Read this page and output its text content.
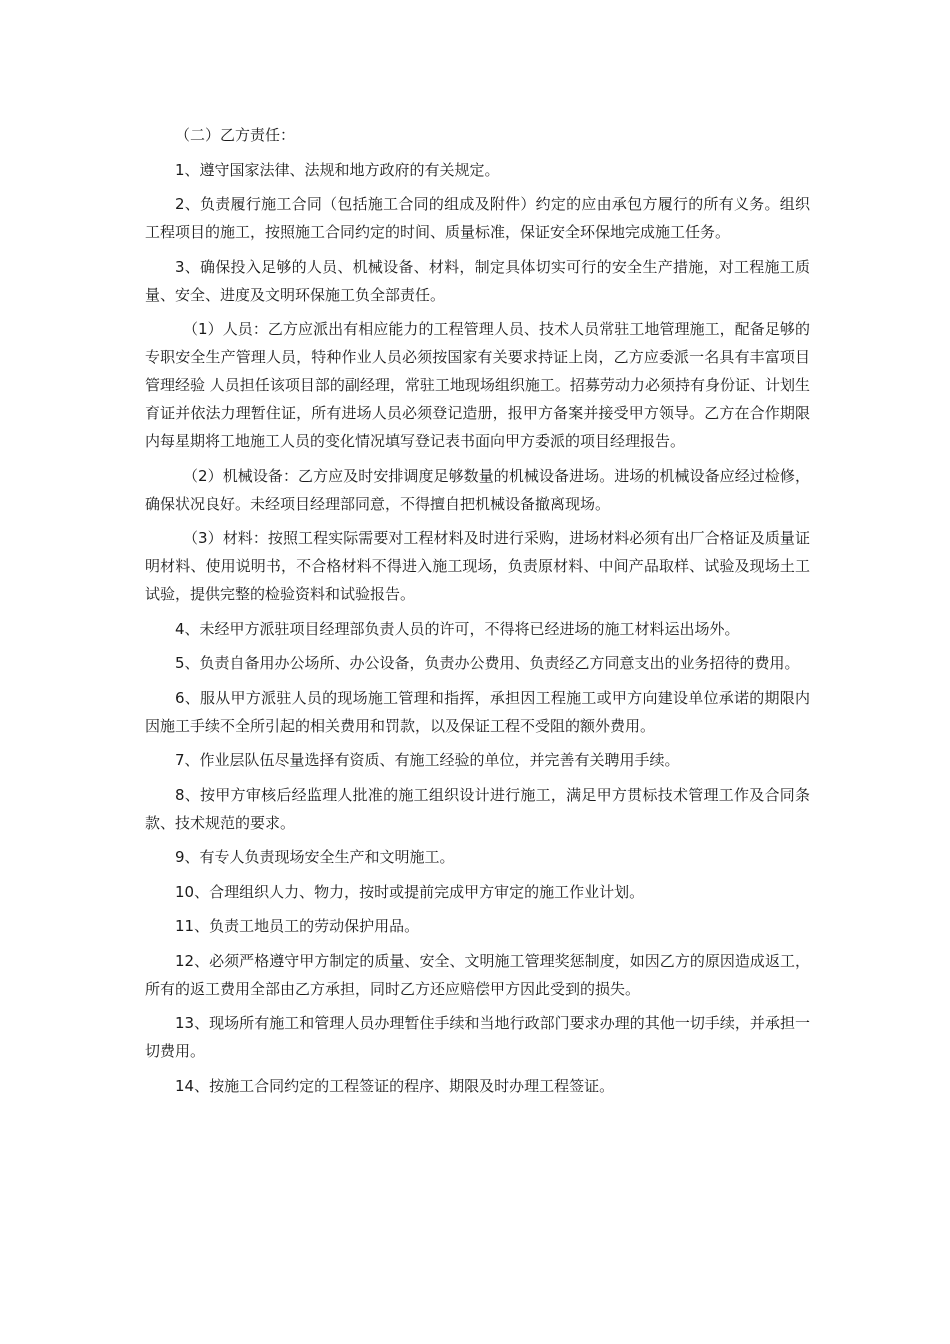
（二）乙方责任：

1、遵守国家法律、法规和地方政府的有关规定。

2、负责履行施工合同（包括施工合同的组成及附件）约定的应由承包方履行的所有义务。组织工程项目的施工，按照施工合同约定的时间、质量标准，保证安全环保地完成施工任务。

3、确保投入足够的人员、机械设备、材料，制定具体切实可行的安全生产措施，对工程施工质量、安全、进度及文明环保施工负全部责任。

（1）人员：乙方应派出有相应能力的工程管理人员、技术人员常驻工地管理施工，配备足够的专职安全生产管理人员，特种作业人员必须按国家有关要求持证上岗，乙方应委派一名具有丰富项目管理经验 人员担任该项目部的副经理，常驻工地现场组织施工。招募劳动力必须持有身份证、计划生育证并依法力理暂住证，所有进场人员必须登记造册，报甲方备案并接受甲方领导。乙方在合作期限内每星期将工地施工人员的变化情况填写登记表书面向甲方委派的项目经理报告。

（2）机械设备：乙方应及时安排调度足够数量的机械设备进场。进场的机械设备应经过检修，确保状况良好。未经项目经理部同意，不得擅自把机械设备撤离现场。

（3）材料：按照工程实际需要对工程材料及时进行采购，进场材料必须有出厂合格证及质量证明材料、使用说明书，不合格材料不得进入施工现场，负责原材料、中间产品取样、试验及现场土工试验，提供完整的检验资料和试验报告。

4、未经甲方派驻项目经理部负责人员的许可，不得将已经进场的施工材料运出场外。

5、负责自备用办公场所、办公设备，负责办公费用、负责经乙方同意支出的业务招待的费用。

6、服从甲方派驻人员的现场施工管理和指挥，承担因工程施工或甲方向建设单位承诺的期限内因施工手续不全所引起的相关费用和罚款，以及保证工程不受阻的额外费用。

7、作业层队伍尽量选择有资质、有施工经验的单位，并完善有关聘用手续。

8、按甲方审核后经监理人批准的施工组织设计进行施工，满足甲方贯标技术管理工作及合同条款、技术规范的要求。

9、有专人负责现场安全生产和文明施工。

10、合理组织人力、物力，按时或提前完成甲方审定的施工作业计划。

11、负责工地员工的劳动保护用品。

12、必须严格遵守甲方制定的质量、安全、文明施工管理奖惩制度，如因乙方的原因造成返工，所有的返工费用全部由乙方承担，同时乙方还应赔偿甲方因此受到的损失。

13、现场所有施工和管理人员办理暂住手续和当地行政部门要求办理的其他一切手续，并承担一切费用。

14、按施工合同约定的工程签证的程序、期限及时办理工程签证。
